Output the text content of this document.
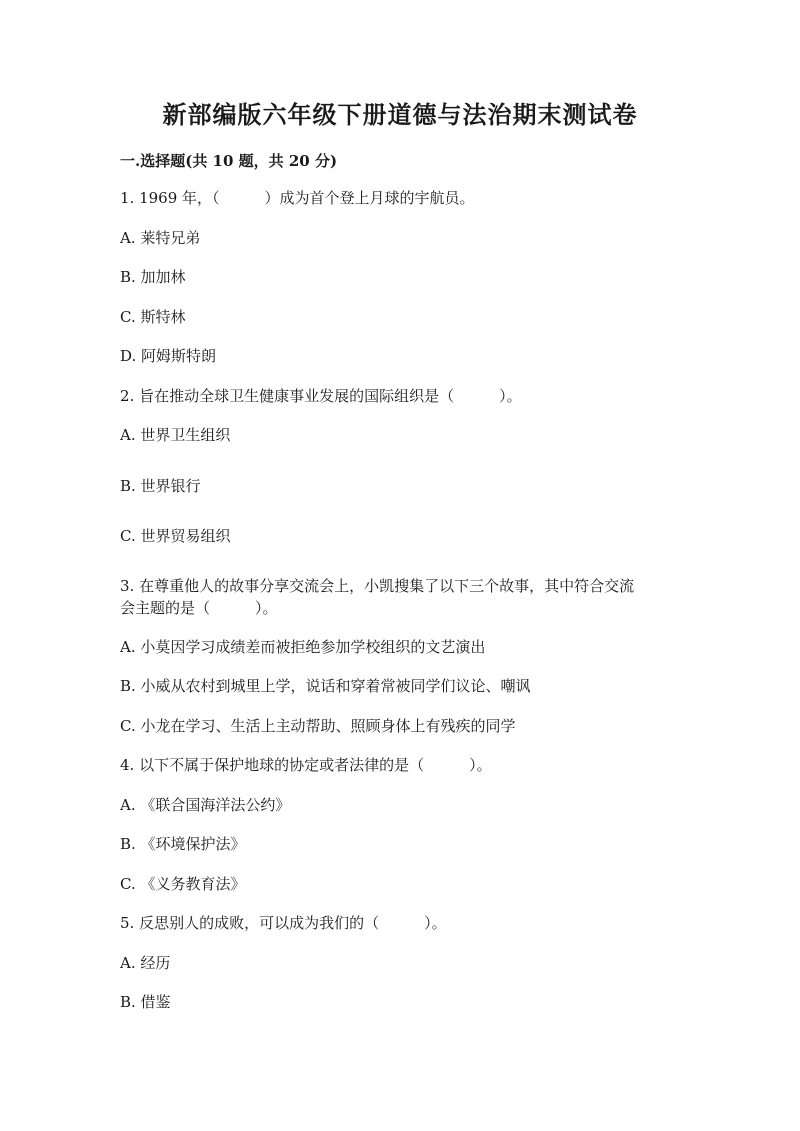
新部编版六年级下册道德与法治期末测试卷
一.选择题(共 10 题，共 20 分)
1. 1969 年，（　　　）成为首个登上月球的宇航员。
A. 莱特兄弟
B. 加加林
C. 斯特林
D. 阿姆斯特朗
2. 旨在推动全球卫生健康事业发展的国际组织是（　　　）。
A. 世界卫生组织
B. 世界银行
C. 世界贸易组织
3. 在尊重他人的故事分享交流会上，小凯搜集了以下三个故事，其中符合交流
会主题的是（　　　）。
A. 小莫因学习成绩差而被拒绝参加学校组织的文艺演出
B. 小威从农村到城里上学，说话和穿着常被同学们议论、嘲讽
C. 小龙在学习、生活上主动帮助、照顾身体上有残疾的同学
4. 以下不属于保护地球的协定或者法律的是（　　　）。
A. 《联合国海洋法公约》
B. 《环境保护法》
C. 《义务教育法》
5. 反思别人的成败，可以成为我们的（　　　）。
A. 经历
B. 借鉴
